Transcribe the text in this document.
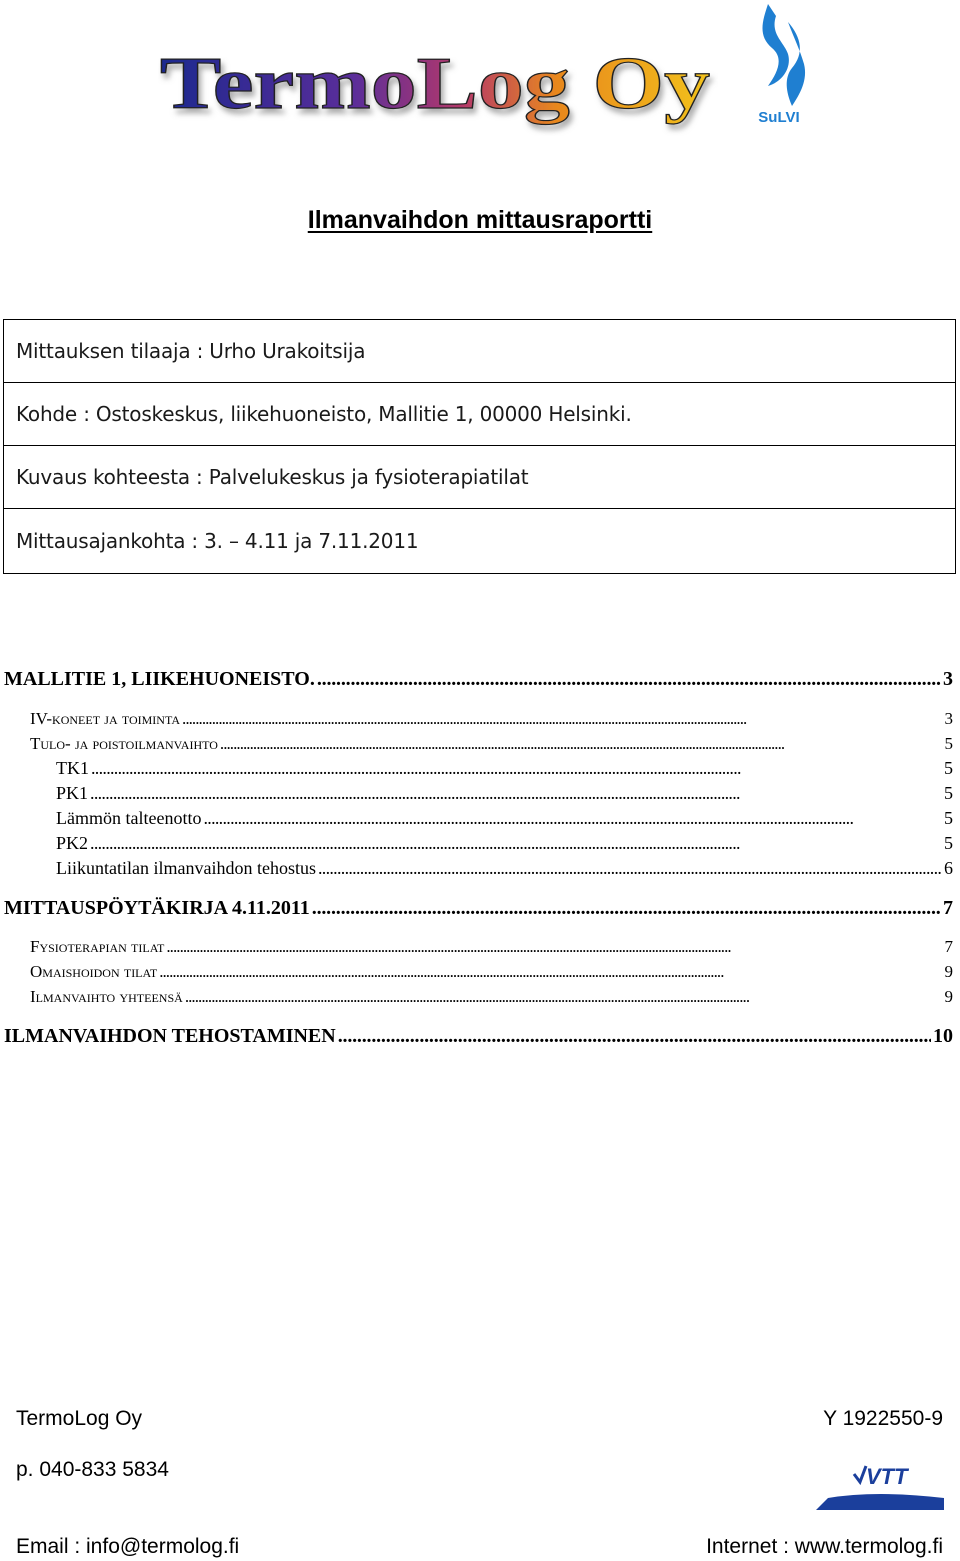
TermoLog Oy	SuLVI
Ilmanvaihdon mittausraportti
Mittauksen tilaaja : Urho Urakoitsija
Kohde : Ostoskeskus, liikehuoneisto, Mallitie 1, 00000 Helsinki.
Kuvaus kohteesta : Palvelukeskus ja fysioterapiatilat
Mittausajankohta : 3. – 4.11 ja 7.11.2011
MALLITIE 1, LIIKEHUONEISTO. . . .	3
IV-koneet ja toiminta . . .	3
Tulo- ja poistoilmanvaihto . . .	5
TK1 . . .	5
PK1 . . .	5
Lämmön talteenotto . . .	5
PK2 . . .	5
Liikuntatilan ilmanvaihdon tehostus . . .	6
MITTAUSPÖYTÄKIRJA 4.11.2011 . . .	7
Fysioterapian tilat . . .	7
Omaishoidon tilat . . .	9
Ilmanvaihto yhteensä . . .	9
ILMANVAIHDON TEHOSTAMINEN . . .	10
TermoLog Oy	Y 1922550-9
p. 040-833 5834	VTT
Email : info@termolog.fi	Internet : www.termolog.fi
